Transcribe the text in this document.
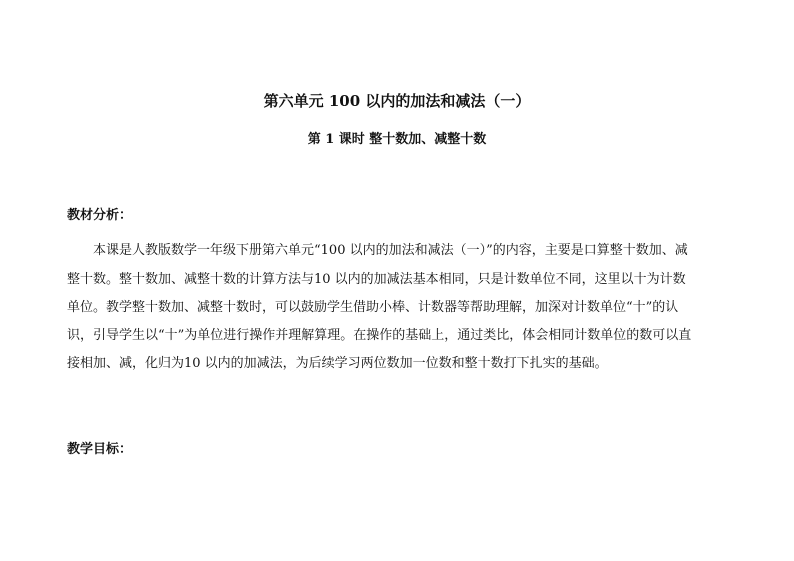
第六单元 100 以内的加法和减法（一）
第 1 课时 整十数加、减整十数
教材分析：
本课是人教版数学一年级下册第六单元“100 以内的加法和减法（一）”的内容，主要是口算整十数加、减
整十数。整十数加、减整十数的计算方法与10 以内的加减法基本相同，只是计数单位不同，这里以十为计数
单位。教学整十数加、减整十数时，可以鼓励学生借助小棒、计数器等帮助理解，加深对计数单位“十”的认
识，引导学生以“十”为单位进行操作并理解算理。在操作的基础上，通过类比，体会相同计数单位的数可以直
接相加、减，化归为10 以内的加减法，为后续学习两位数加一位数和整十数打下扎实的基础。
教学目标：
